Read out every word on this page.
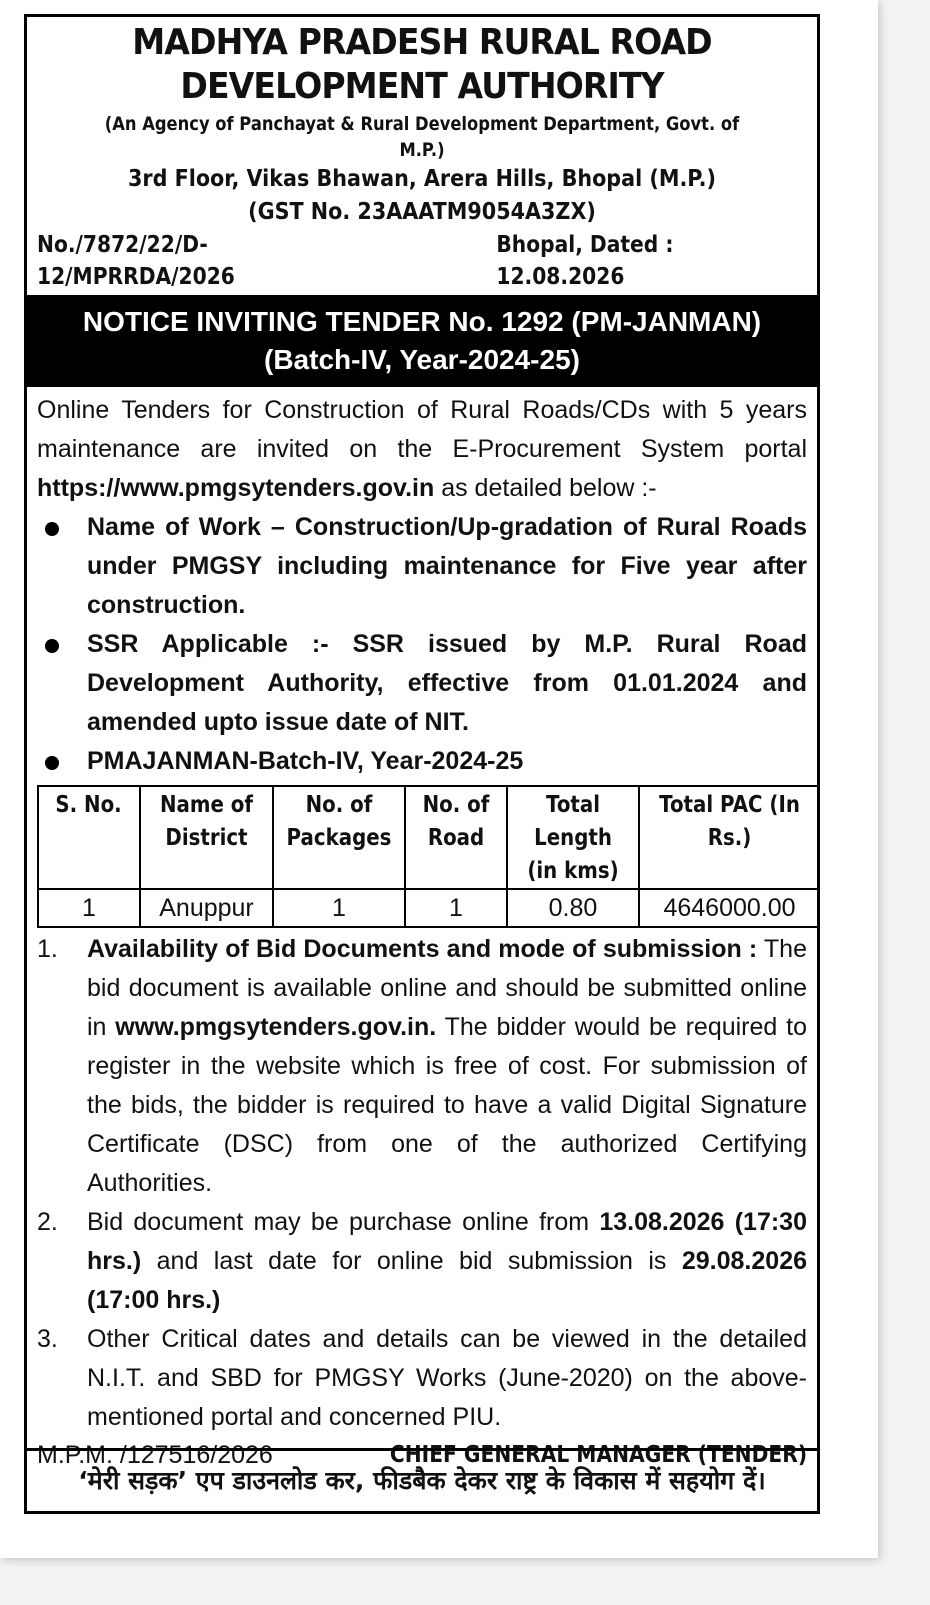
MADHYA PRADESH RURAL ROAD
DEVELOPMENT AUTHORITY
(An Agency of Panchayat & Rural Development Department, Govt. of M.P.)
3rd Floor, Vikas Bhawan, Arera Hills, Bhopal (M.P.)
(GST No. 23AAATM9054A3ZX)
No./7872/22/D-12/MPRRDA/2026
Bhopal, Dated : 12.08.2026
NOTICE INVITING TENDER No. 1292 (PM-JANMAN)
(Batch-IV, Year-2024-25)

Online Tenders for Construction of Rural Roads/CDs with 5 years maintenance are invited on the E-Procurement System portal https://www.pmgsytenders.gov.in as detailed below :-

Name of Work – Construction/Up-gradation of Rural Roads under PMGSY including maintenance for Five year after construction.
SSR Applicable :- SSR issued by M.P. Rural Road Development Authority, effective from 01.01.2024 and amended upto issue date of NIT.
PMAJANMAN-Batch-IV, Year-2024-25
S. No.	Name of District	No. of Packages	No. of Road	Total Length (in kms)	Total PAC (In Rs.)
1	Anuppur	1	1	0.80	4646000.00
1. Availability of Bid Documents and mode of submission : The bid document is available online and should be submitted online in www.pmgsytenders.gov.in. The bidder would be required to register in the website which is free of cost. For submission of the bids, the bidder is required to have a valid Digital Signature Certificate (DSC) from one of the authorized Certifying Authorities.
2. Bid document may be purchase online from 13.08.2026 (17:30 hrs.) and last date for online bid submission is 29.08.2026 (17:00 hrs.)
3. Other Critical dates and details can be viewed in the detailed N.I.T. and SBD for PMGSY Works (June-2020) on the above-mentioned portal and concerned PIU.
M.P.M. /127516/2026	CHIEF GENERAL MANAGER (TENDER)
‘मेरी सड़क’ एप डाउनलोड कर, फीडबैक देकर राष्ट्र के विकास में सहयोग दें।
